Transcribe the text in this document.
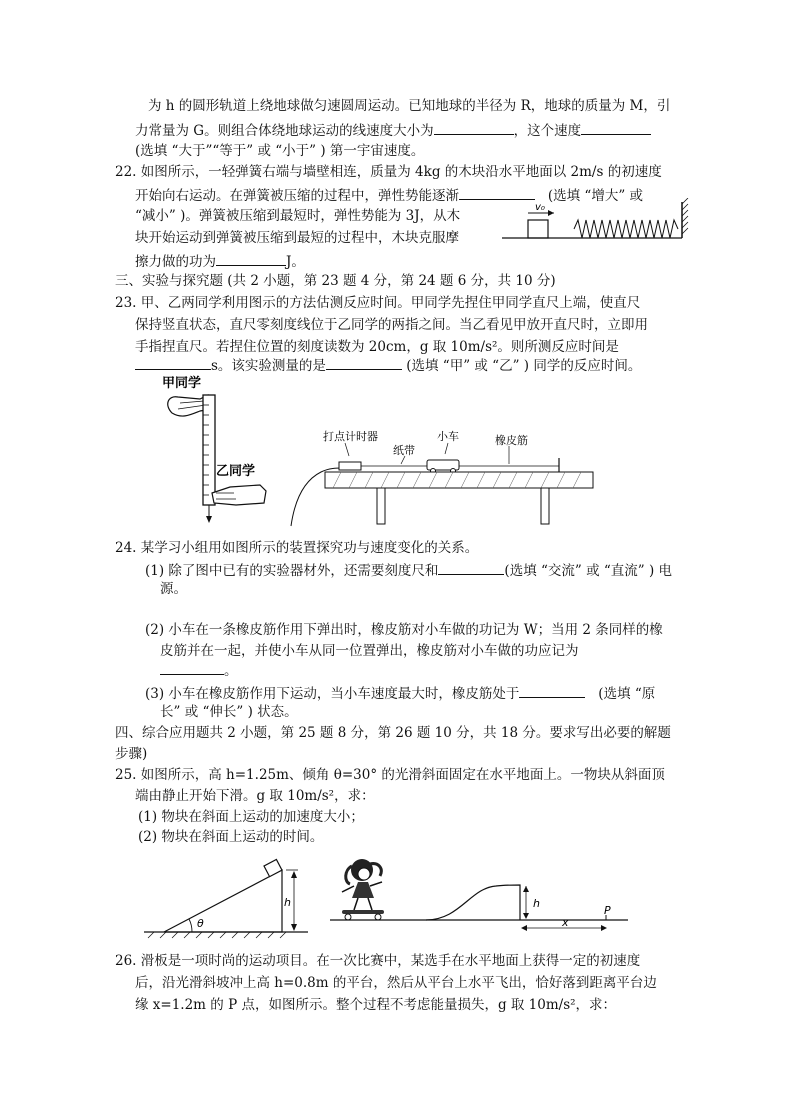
为 h 的圆形轨道上绕地球做匀速圆周运动。已知地球的半径为 R，地球的质量为 M，引
力常量为 G。则组合体绕地球运动的线速度大小为	，这个速度
(选填 “大于”“等于” 或 “小于” ) 第一宇宙速度。
22. 如图所示，一轻弹簧右端与墙壁相连，质量为 4kg 的木块沿水平地面以 2m/s 的初速度
开始向右运动。在弹簧被压缩的过程中，弹性势能逐渐	(选填 “增大” 或
“减小” )。弹簧被压缩到最短时，弹性势能为 3J，从木
块开始运动到弹簧被压缩到最短的过程中，木块克服摩
擦力做的功为	J。
v₀
三、实验与探究题 (共 2 小题，第 23 题 4 分，第 24 题 6 分，共 10 分)
23. 甲、乙两同学利用图示的方法估测反应时间。甲同学先捏住甲同学直尺上端，使直尺
保持竖直状态，直尺零刻度线位于乙同学的两指之间。当乙看见甲放开直尺时，立即用
手指捏直尺。若捏住位置的刻度读数为 20cm，g 取 10m/s²。则所测反应时间是
s。该实验测量的是	(选填 “甲” 或 “乙” ) 同学的反应时间。
甲同学
乙同学
打点计时器
纸带
小车	橡皮筋
24. 某学习小组用如图所示的装置探究功与速度变化的关系。
(1) 除了图中已有的实验器材外，还需要刻度尺和	(选填 “交流” 或 “直流” ) 电
源。
(2) 小车在一条橡皮筋作用下弹出时，橡皮筋对小车做的功记为 W；当用 2 条同样的橡
皮筋并在一起，并使小车从同一位置弹出，橡皮筋对小车做的功应记为
。
(3) 小车在橡皮筋作用下运动，当小车速度最大时，橡皮筋处于	(选填 “原
长” 或 “伸长” ) 状态。
四、综合应用题共 2 小题，第 25 题 8 分，第 26 题 10 分，共 18 分。要求写出必要的解题
步骤)
25. 如图所示，高 h=1.25m、倾角 θ=30° 的光滑斜面固定在水平地面上。一物块从斜面顶
端由静止开始下滑。g 取 10m/s²，求：
(1) 物块在斜面上运动的加速度大小；
(2) 物块在斜面上运动的时间。
θ
h	h
x
P
26. 滑板是一项时尚的运动项目。在一次比赛中，某选手在水平地面上获得一定的初速度
后，沿光滑斜坡冲上高 h=0.8m 的平台，然后从平台上水平飞出，恰好落到距离平台边
缘 x=1.2m 的 P 点，如图所示。整个过程不考虑能量损失，g 取 10m/s²，求：
